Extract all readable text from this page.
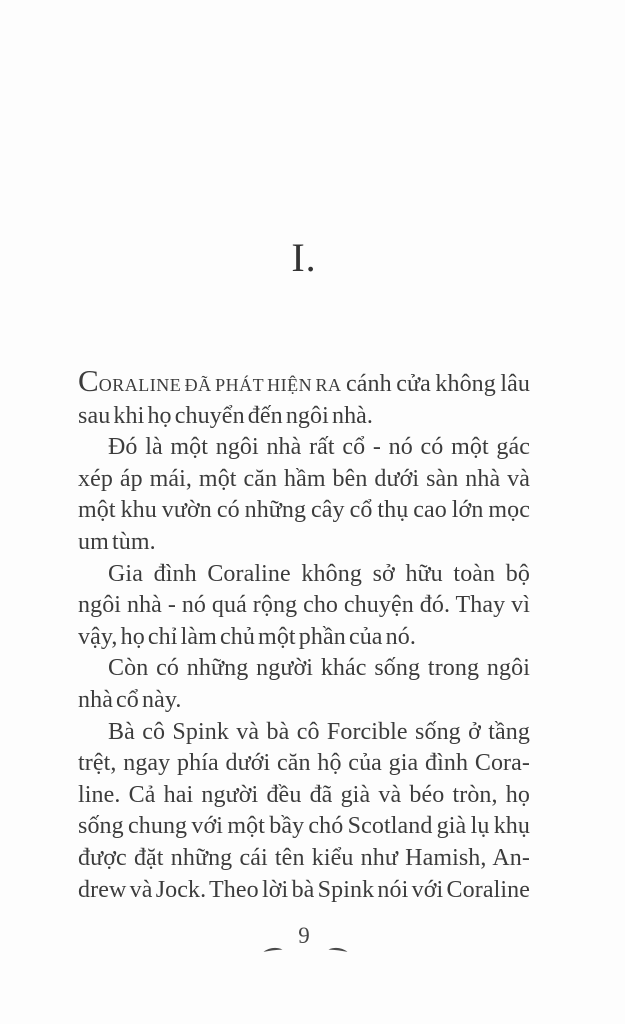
I.
CORALINE ĐÃ PHÁT HIỆN RA cánh cửa không lâu
sau khi họ chuyển đến ngôi nhà.
Đó là một ngôi nhà rất cổ - nó có một gác
xép áp mái, một căn hầm bên dưới sàn nhà và
một khu vườn có những cây cổ thụ cao lớn mọc
um tùm.
Gia đình Coraline không sở hữu toàn bộ
ngôi nhà - nó quá rộng cho chuyện đó. Thay vì
vậy, họ chỉ làm chủ một phần của nó.
Còn có những người khác sống trong ngôi
nhà cổ này.
Bà cô Spink và bà cô Forcible sống ở tầng
trệt, ngay phía dưới căn hộ của gia đình Cora-
line. Cả hai người đều đã già và béo tròn, họ
sống chung với một bầy chó Scotland già lụ khụ
được đặt những cái tên kiểu như Hamish, An-
drew và Jock. Theo lời bà Spink nói với Coraline
9
